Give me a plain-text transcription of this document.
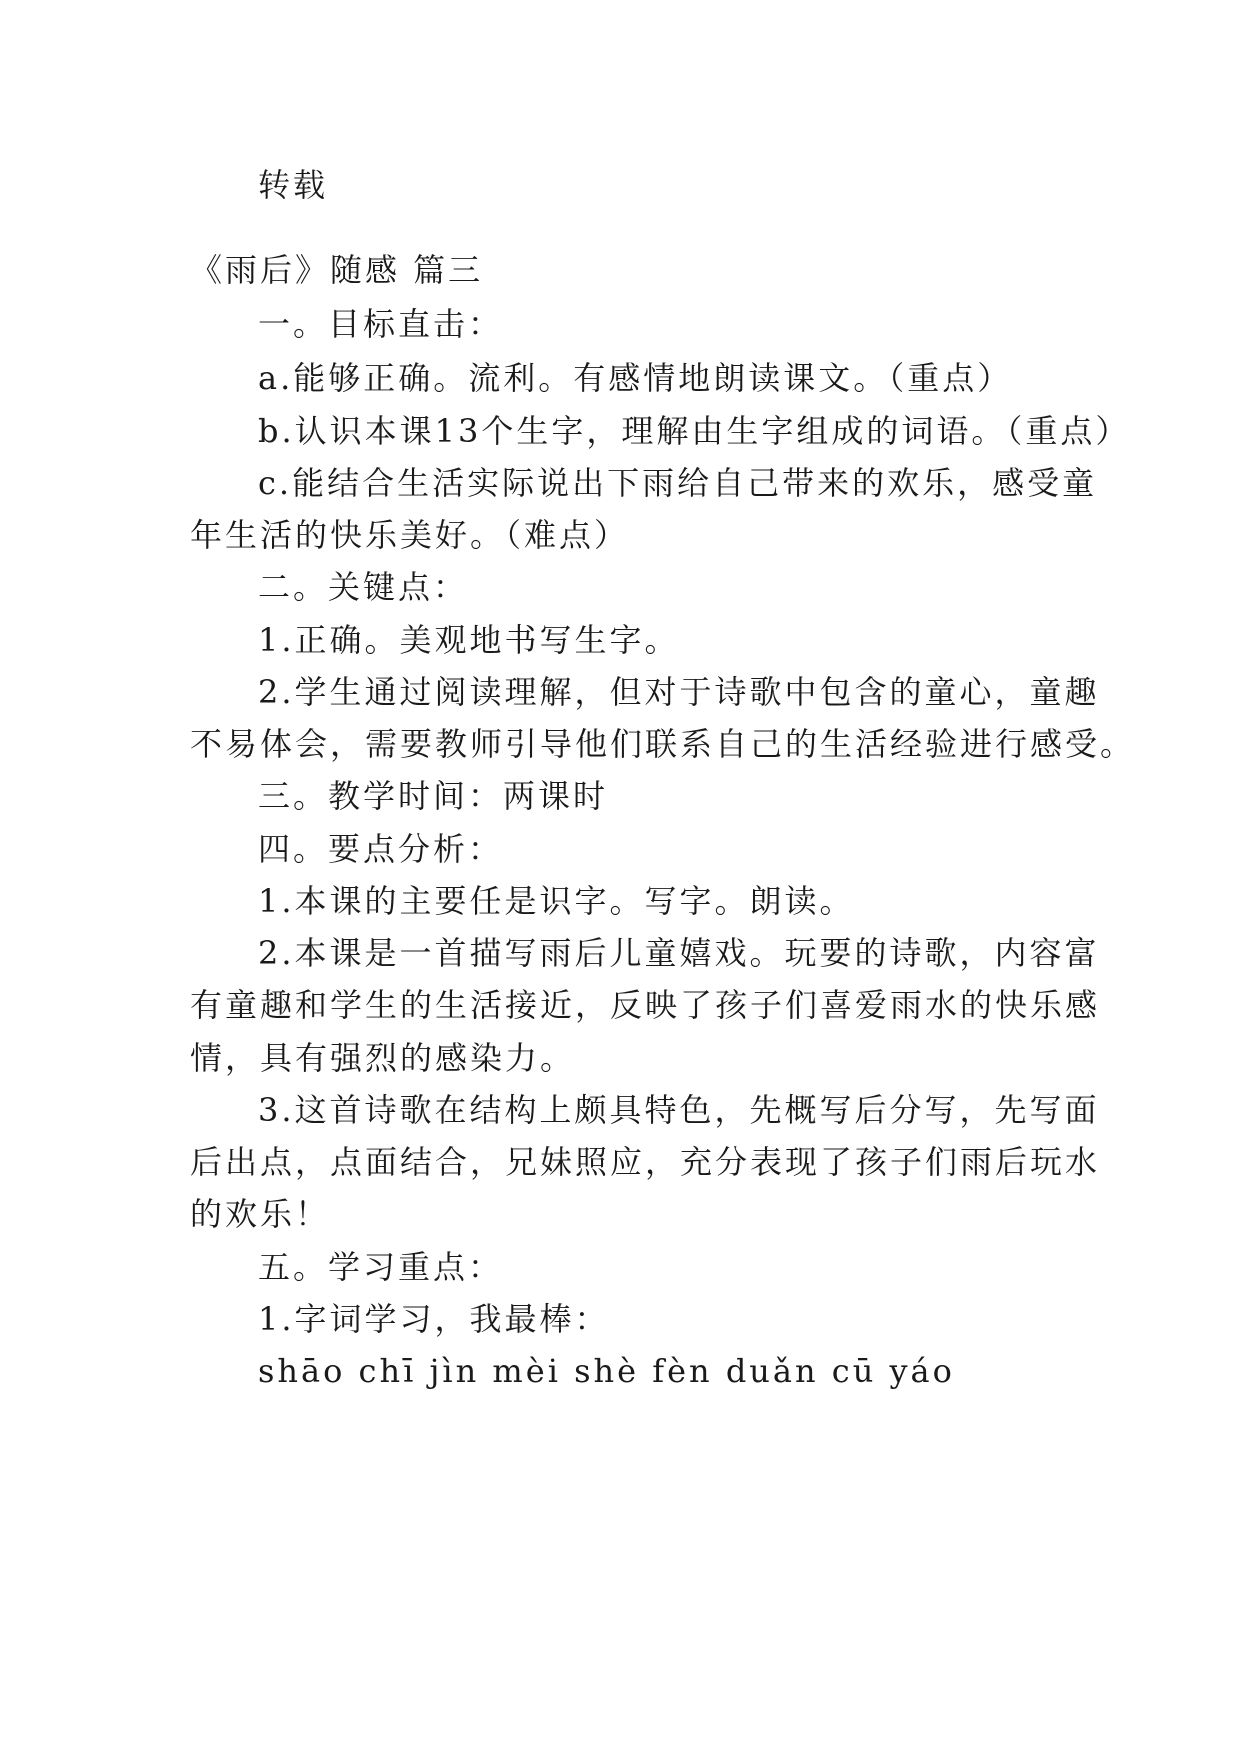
转载
《雨后》随感 篇三
一。目标直击：
a.能够正确。流利。有感情地朗读课文。（重点）
b.认识本课13个生字，理解由生字组成的词语。（重点）
c.能结合生活实际说出下雨给自己带来的欢乐，感受童
年生活的快乐美好。（难点）
二。关键点：
1.正确。美观地书写生字。
2.学生通过阅读理解，但对于诗歌中包含的童心，童趣
不易体会，需要教师引导他们联系自己的生活经验进行感受。
三。教学时间：两课时
四。要点分析：
1.本课的主要任是识字。写字。朗读。
2.本课是一首描写雨后儿童嬉戏。玩要的诗歌，内容富
有童趣和学生的生活接近，反映了孩子们喜爱雨水的快乐感
情，具有强烈的感染力。
3.这首诗歌在结构上颇具特色，先概写后分写，先写面
后出点，点面结合，兄妹照应，充分表现了孩子们雨后玩水
的欢乐！
五。学习重点：
1.字词学习，我最棒：
shāo chī jìn mèi shè fèn duǎn cū yáo
